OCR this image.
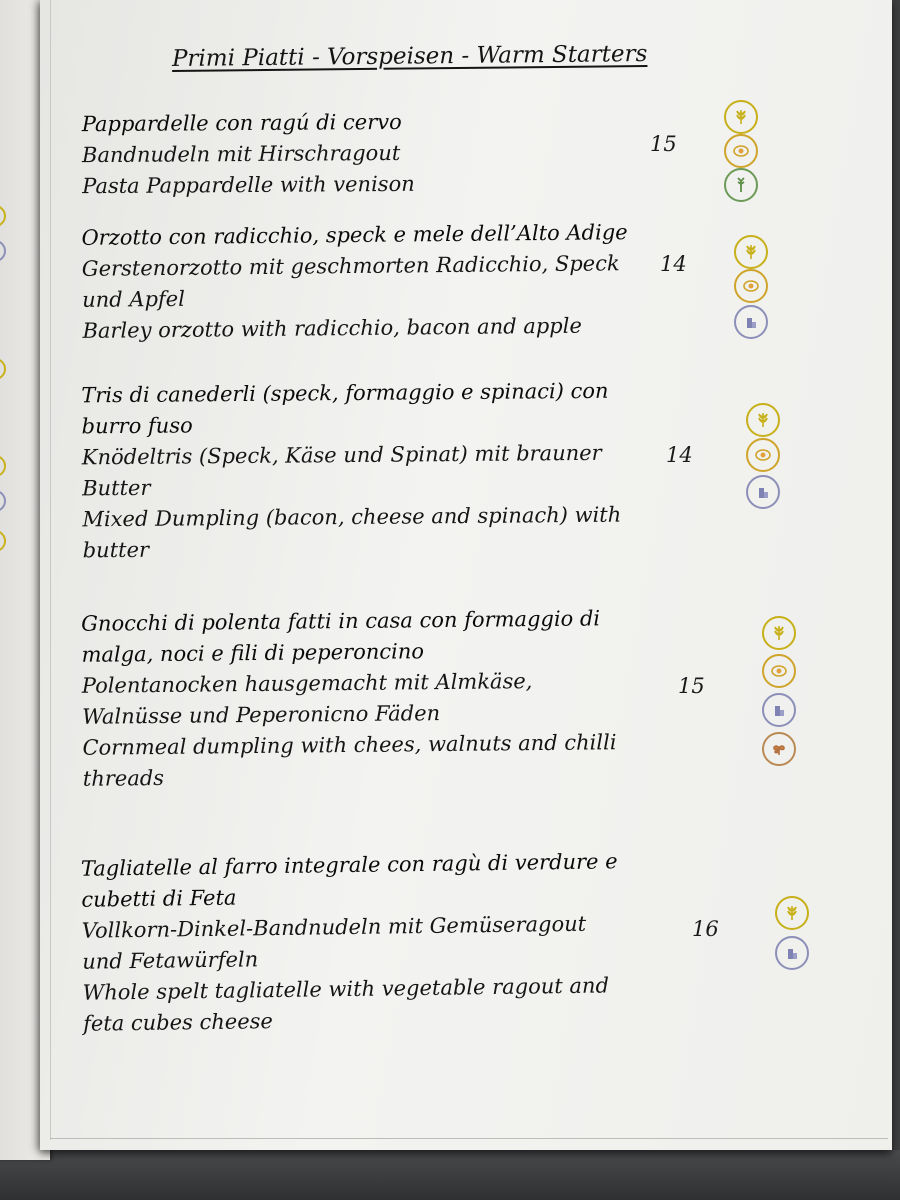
Primi Piatti - Vorspeisen - Warm Starters
Pappardelle con ragú di cervo
Bandnudeln mit Hirschragout
Pasta Pappardelle with venison
15
Orzotto con radicchio, speck e mele dell’Alto Adige
Gerstenorzotto mit geschmorten Radicchio, Speck
und Apfel
Barley orzotto with radicchio, bacon and apple
14
Tris di canederli (speck, formaggio e spinaci) con
burro fuso
Knödeltris (Speck, Käse und Spinat) mit brauner
Butter
Mixed Dumpling (bacon, cheese and spinach) with
butter
14
Gnocchi di polenta fatti in casa con formaggio di
malga, noci e fili di peperoncino
Polentanocken hausgemacht mit Almkäse,
Walnüsse und Peperonicno Fäden
Cornmeal dumpling with chees, walnuts and chilli
threads
15
Tagliatelle al farro integrale con ragù di verdure e
cubetti di Feta
Vollkorn-Dinkel-Bandnudeln mit Gemüseragout
und Fetawürfeln
Whole spelt tagliatelle with vegetable ragout and
feta cubes cheese
16
